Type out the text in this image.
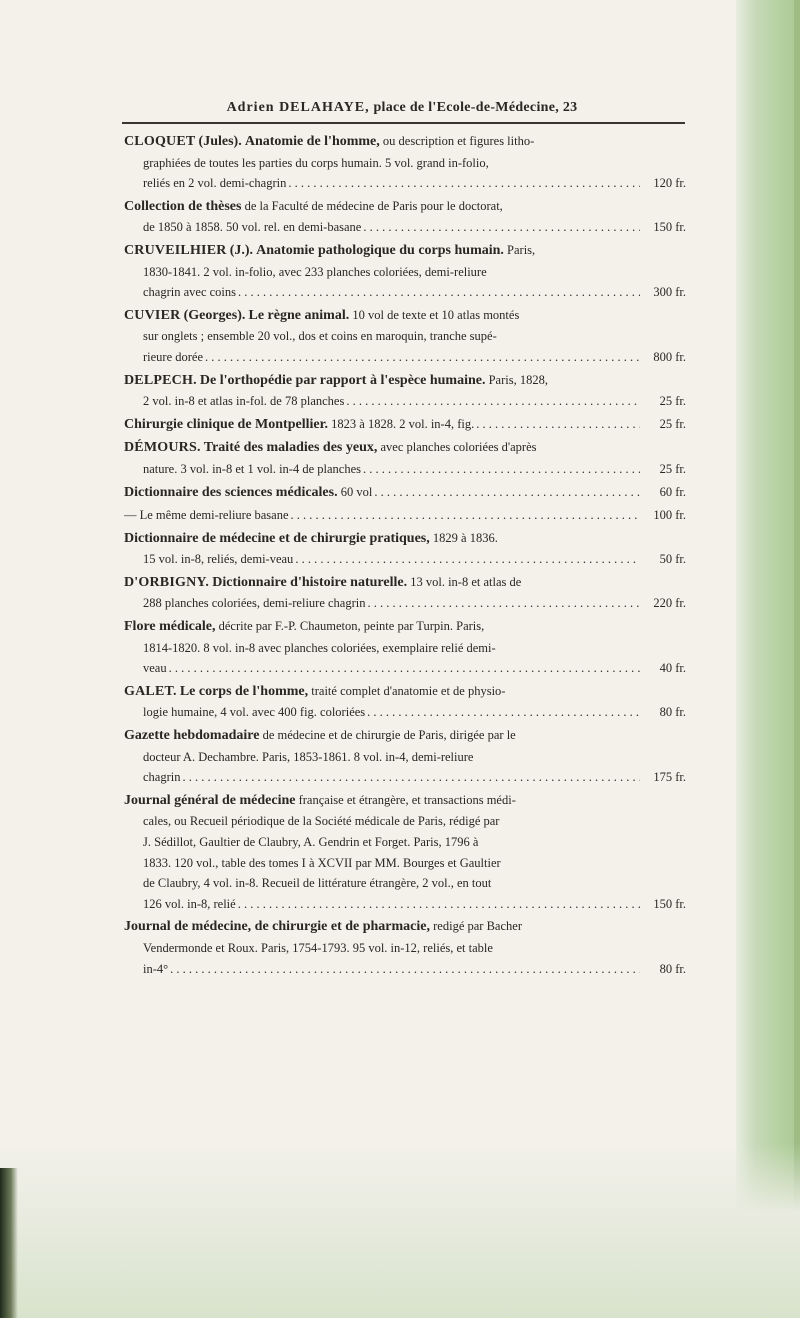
Adrien DELAHAYE, place de l'Ecole-de-Médecine, 23
CLOQUET (Jules). Anatomie de l'homme, ou description et figures litho-
graphiées de toutes les parties du corps humain. 5 vol. grand in-folio,
reliés en 2 vol. demi-chagrin . . .	120 fr.
Collection de thèses de la Faculté de médecine de Paris pour le doctorat,
de 1850 à 1858. 50 vol. rel. en demi-basane . . .	150 fr.
CRUVEILHIER (J.). Anatomie pathologique du corps humain. Paris,
1830-1841. 2 vol. in-folio, avec 233 planches coloriées, demi-reliure
chagrin avec coins . . .	300 fr.
CUVIER (Georges). Le règne animal. 10 vol de texte et 10 atlas montés
sur onglets ; ensemble 20 vol., dos et coins en maroquin, tranche supé-
rieure dorée . . .	800 fr.
DELPECH. De l'orthopédie par rapport à l'espèce humaine. Paris, 1828,
2 vol. in-8 et atlas in-fol. de 78 planches . . .	25 fr.
Chirurgie clinique de Montpellier. 1823 à 1828. 2 vol. in-4, fig. . . .	25 fr.
DÉMOURS. Traité des maladies des yeux, avec planches coloriées d'après
nature. 3 vol. in-8 et 1 vol. in-4 de planches . . .	25 fr.
Dictionnaire des sciences médicales. 60 vol . . .	60 fr.
— Le même demi-reliure basane . . .	100 fr.
Dictionnaire de médecine et de chirurgie pratiques, 1829 à 1836.
15 vol. in-8, reliés, demi-veau . . .	50 fr.
D'ORBIGNY. Dictionnaire d'histoire naturelle. 13 vol. in-8 et atlas de
288 planches coloriées, demi-reliure chagrin . . .	220 fr.
Flore médicale, décrite par F.-P. Chaumeton, peinte par Turpin. Paris,
1814-1820. 8 vol. in-8 avec planches coloriées, exemplaire relié demi-
veau . . .	40 fr.
GALET. Le corps de l'homme, traité complet d'anatomie et de physio-
logie humaine, 4 vol. avec 400 fig. coloriées . . .	80 fr.
Gazette hebdomadaire de médecine et de chirurgie de Paris, dirigée par le
docteur A. Dechambre. Paris, 1853-1861. 8 vol. in-4, demi-reliure
chagrin . . .	175 fr.
Journal général de médecine française et étrangère, et transactions médi-
cales, ou Recueil périodique de la Société médicale de Paris, rédigé par
J. Sédillot, Gaultier de Claubry, A. Gendrin et Forget. Paris, 1796 à
1833. 120 vol., table des tomes I à XCVII par MM. Bourges et Gaultier
de Claubry, 4 vol. in-8. Recueil de littérature étrangère, 2 vol., en tout
126 vol. in-8, relié . . .	150 fr.
Journal de médecine, de chirurgie et de pharmacie, redigé par Bacher
Vendermonde et Roux. Paris, 1754-1793. 95 vol. in-12, reliés, et table
in-4° . . .	80 fr.
